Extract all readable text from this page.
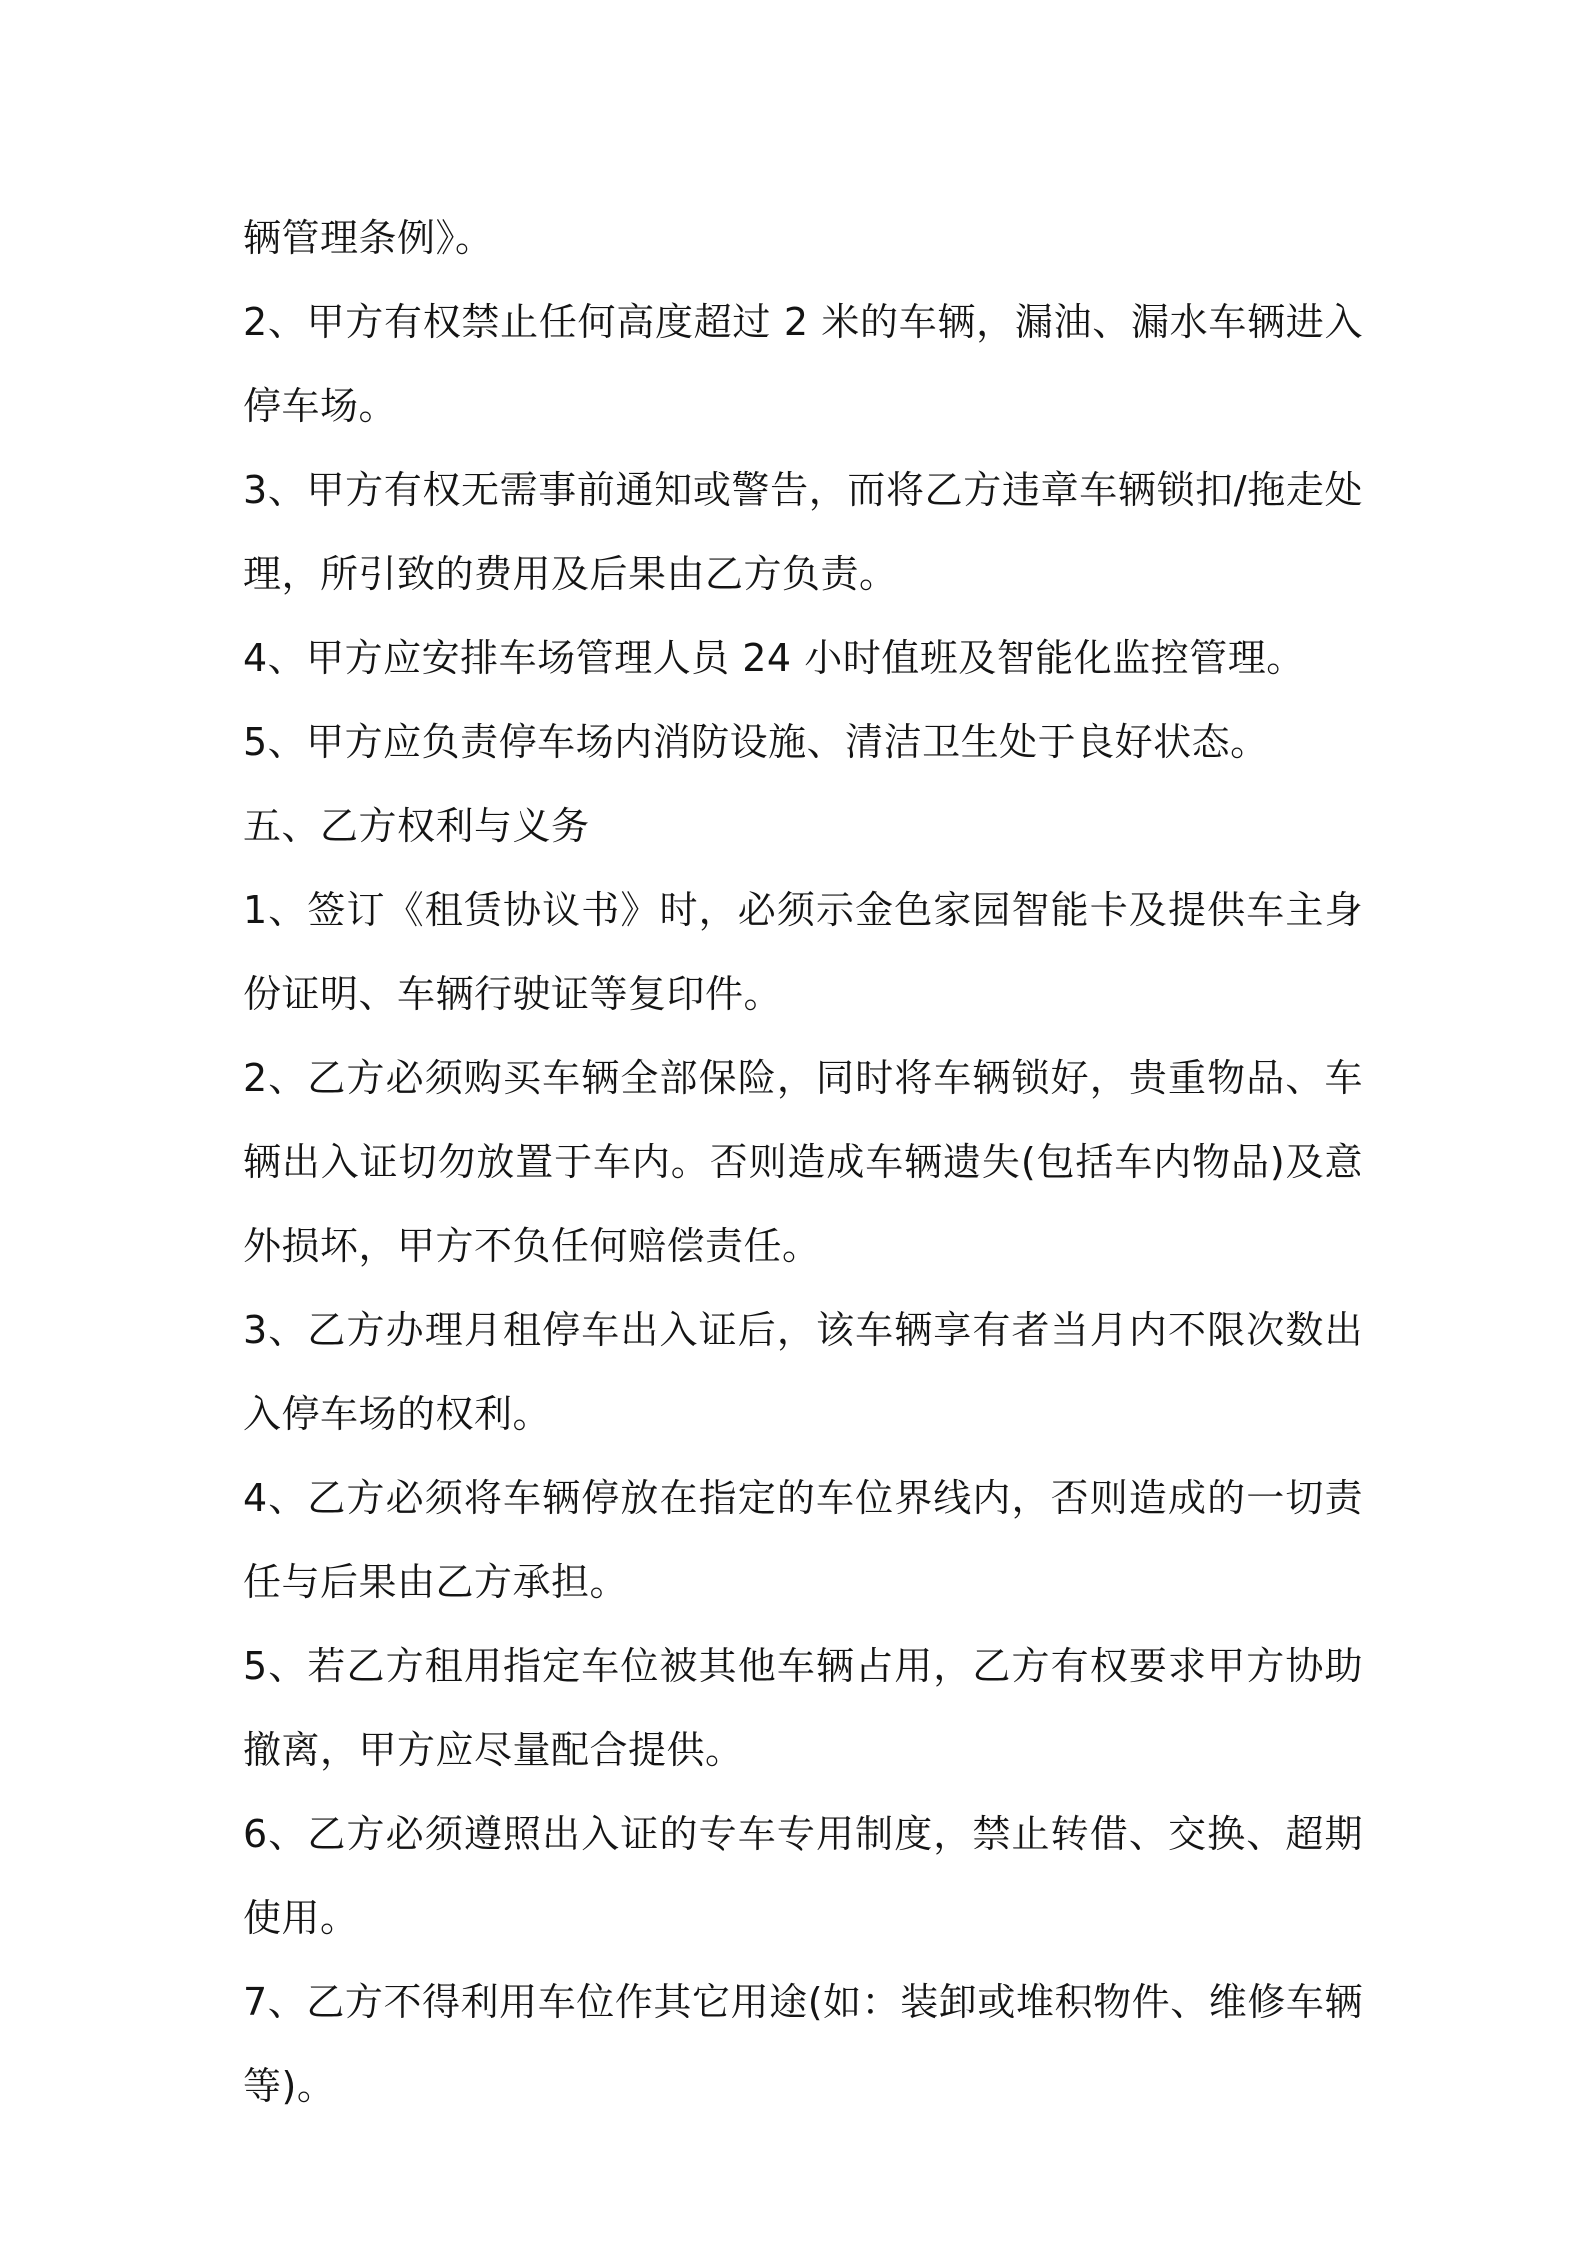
辆管理条例》。

2、甲方有权禁止任何高度超过 2 米的车辆，漏油、漏水车辆进入停车场。

3、甲方有权无需事前通知或警告，而将乙方违章车辆锁扣/拖走处理，所引致的费用及后果由乙方负责。

4、甲方应安排车场管理人员 24 小时值班及智能化监控管理。

5、甲方应负责停车场内消防设施、清洁卫生处于良好状态。

五、乙方权利与义务

1、签订《租赁协议书》时，必须示金色家园智能卡及提供车主身份证明、车辆行驶证等复印件。

2、乙方必须购买车辆全部保险，同时将车辆锁好，贵重物品、车辆出入证切勿放置于车内。否则造成车辆遗失(包括车内物品)及意外损坏，甲方不负任何赔偿责任。

3、乙方办理月租停车出入证后，该车辆享有者当月内不限次数出入停车场的权利。

4、乙方必须将车辆停放在指定的车位界线内，否则造成的一切责任与后果由乙方承担。

5、若乙方租用指定车位被其他车辆占用，乙方有权要求甲方协助撤离，甲方应尽量配合提供。

6、乙方必须遵照出入证的专车专用制度，禁止转借、交换、超期使用。

7、乙方不得利用车位作其它用途(如：装卸或堆积物件、维修车辆等)。
